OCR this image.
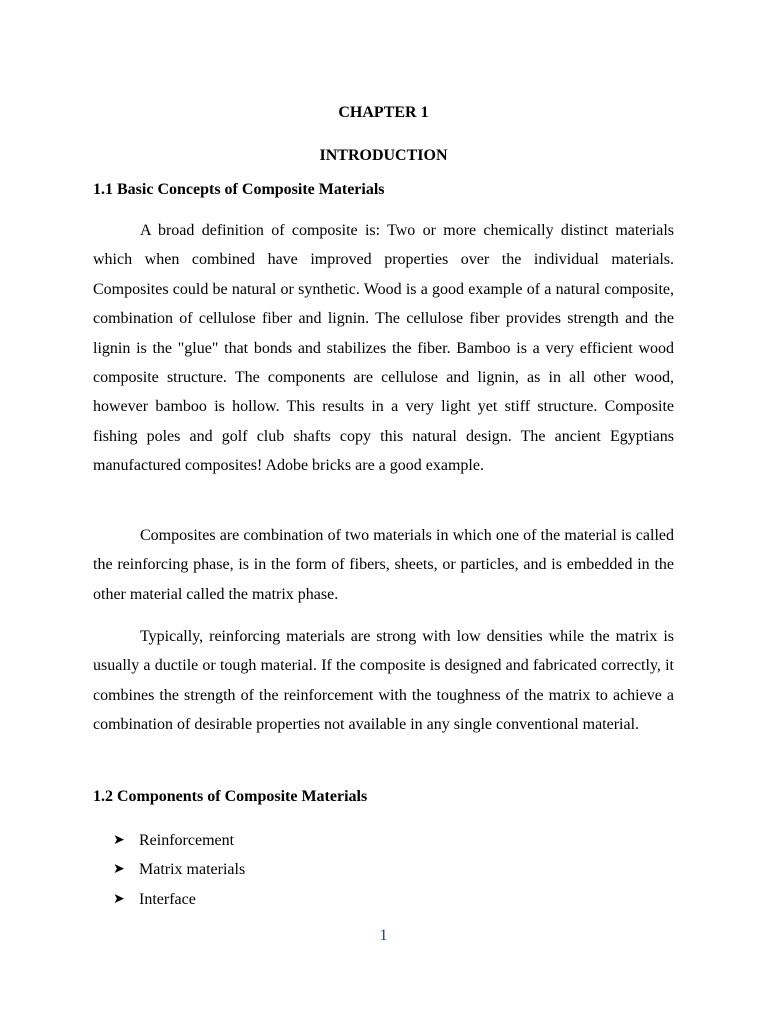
CHAPTER 1
INTRODUCTION
1.1 Basic Concepts of Composite Materials

A broad definition of composite is: Two or more chemically distinct materials which when combined have improved properties over the individual materials. Composites could be natural or synthetic. Wood is a good example of a natural composite, combination of cellulose fiber and lignin. The cellulose fiber provides strength and the lignin is the "glue" that bonds and stabilizes the fiber. Bamboo is a very efficient wood composite structure. The components are cellulose and lignin, as in all other wood, however bamboo is hollow. This results in a very light yet stiff structure. Composite fishing poles and golf club shafts copy this natural design. The ancient Egyptians manufactured composites! Adobe bricks are a good example.

Composites are combination of two materials in which one of the material is called the reinforcing phase, is in the form of fibers, sheets, or particles, and is embedded in the other material called the matrix phase.

Typically, reinforcing materials are strong with low densities while the matrix is usually a ductile or tough material. If the composite is designed and fabricated correctly, it combines the strength of the reinforcement with the toughness of the matrix to achieve a combination of desirable properties not available in any single conventional material.

1.2 Components of Composite Materials
➤ Reinforcement
➤ Matrix materials
➤ Interface
1
